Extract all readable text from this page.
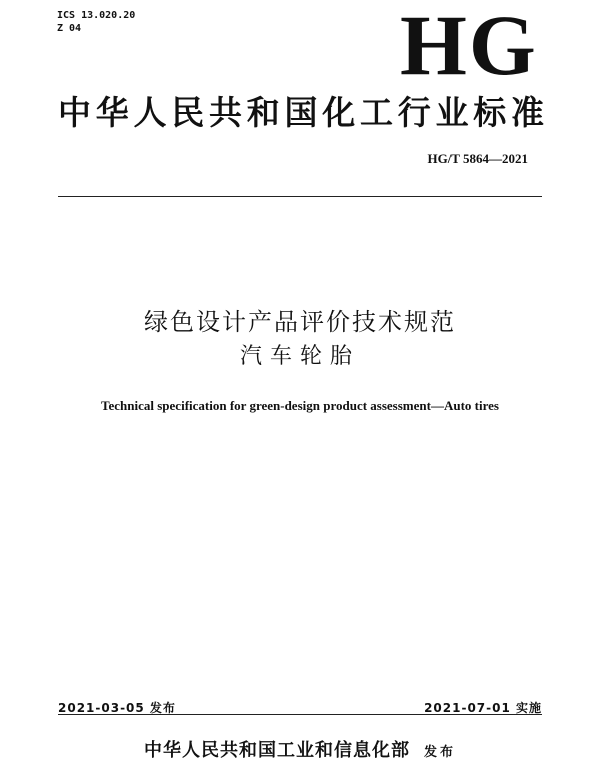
ICS 13.020.20
Z 04	HG
中华人民共和国化工行业标准
HG/T 5864—2021
绿色设计产品评价技术规范
汽车轮胎
Technical specification for green-design product assessment—Auto tires
2021-03-05 发布	2021-07-01 实施
中华人民共和国工业和信息化部 发布
